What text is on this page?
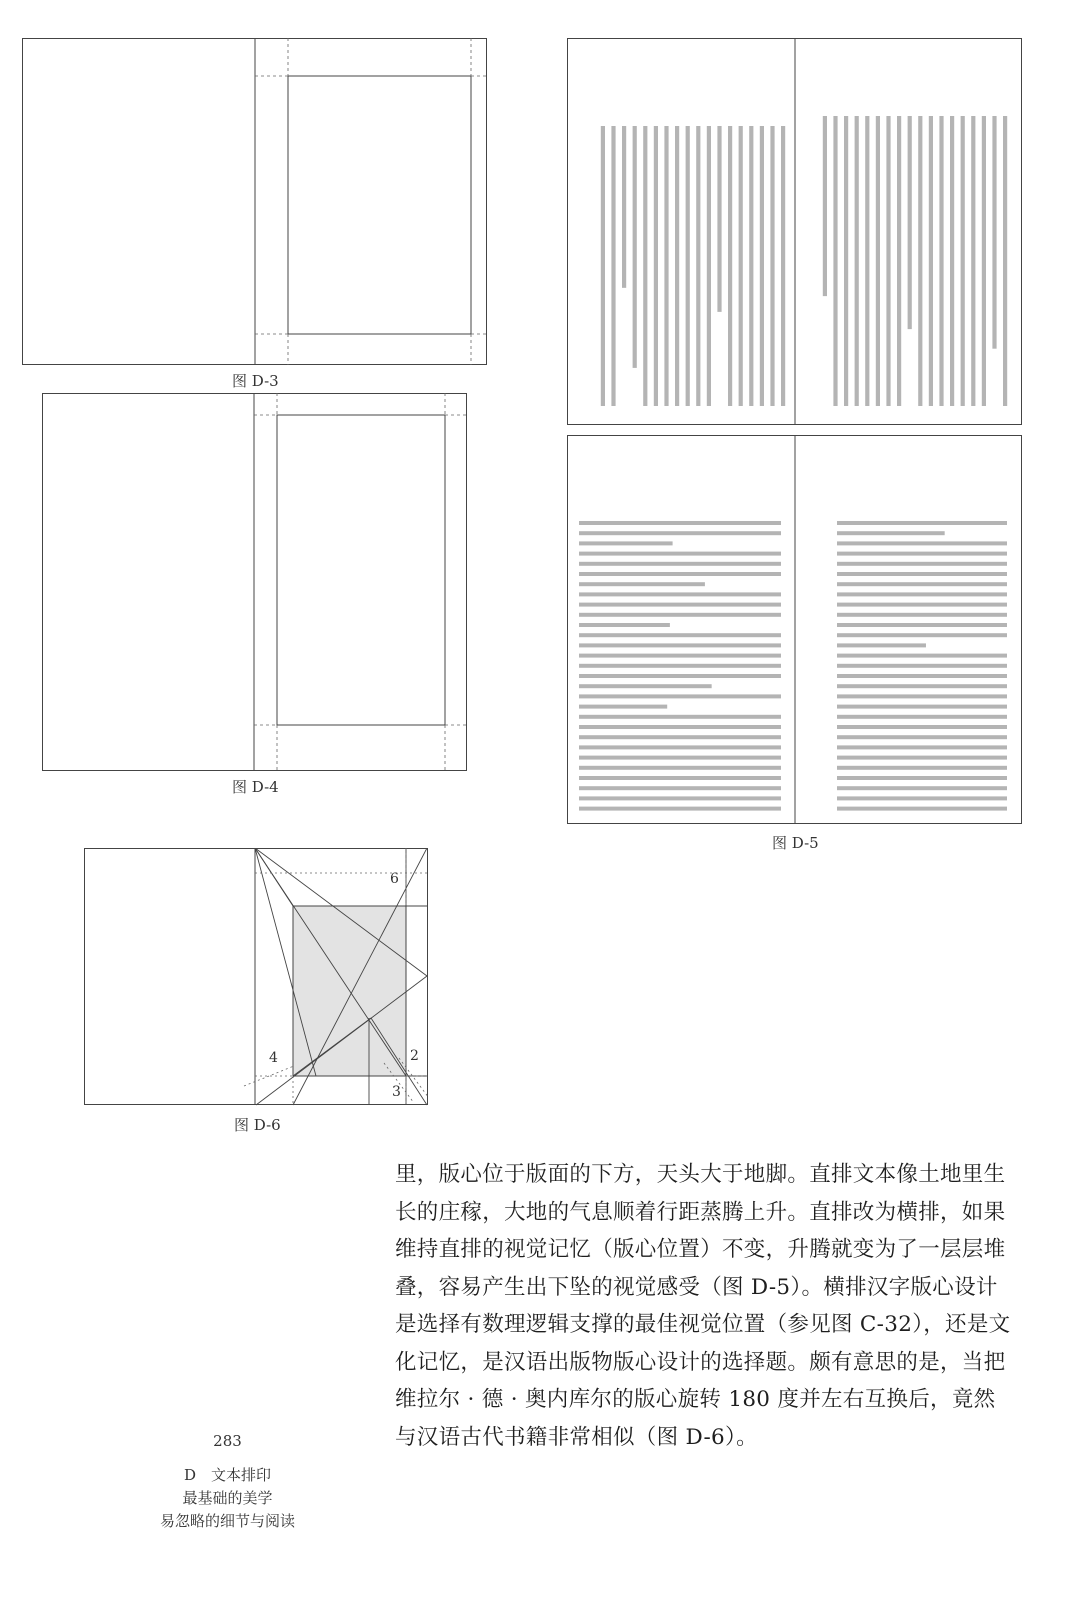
图 D-3
图 D-4
图 D-5
6
4	2
3
图 D-6

里，版心位于版面的下方，天头大于地脚。直排文本像土地里生
长的庄稼，大地的气息顺着行距蒸腾上升。直排改为横排，如果
维持直排的视觉记忆（版心位置）不变，升腾就变为了一层层堆
叠，容易产生出下坠的视觉感受（图 D-5）。横排汉字版心设计
是选择有数理逻辑支撑的最佳视觉位置（参见图 C-32），还是文
化记忆，是汉语出版物版心设计的选择题。颇有意思的是，当把
维拉尔 · 德 · 奥内库尔的版心旋转 180 度并左右互换后，竟然
与汉语古代书籍非常相似（图 D-6）。

283
D　文本排印
最基础的美学
易忽略的细节与阅读
